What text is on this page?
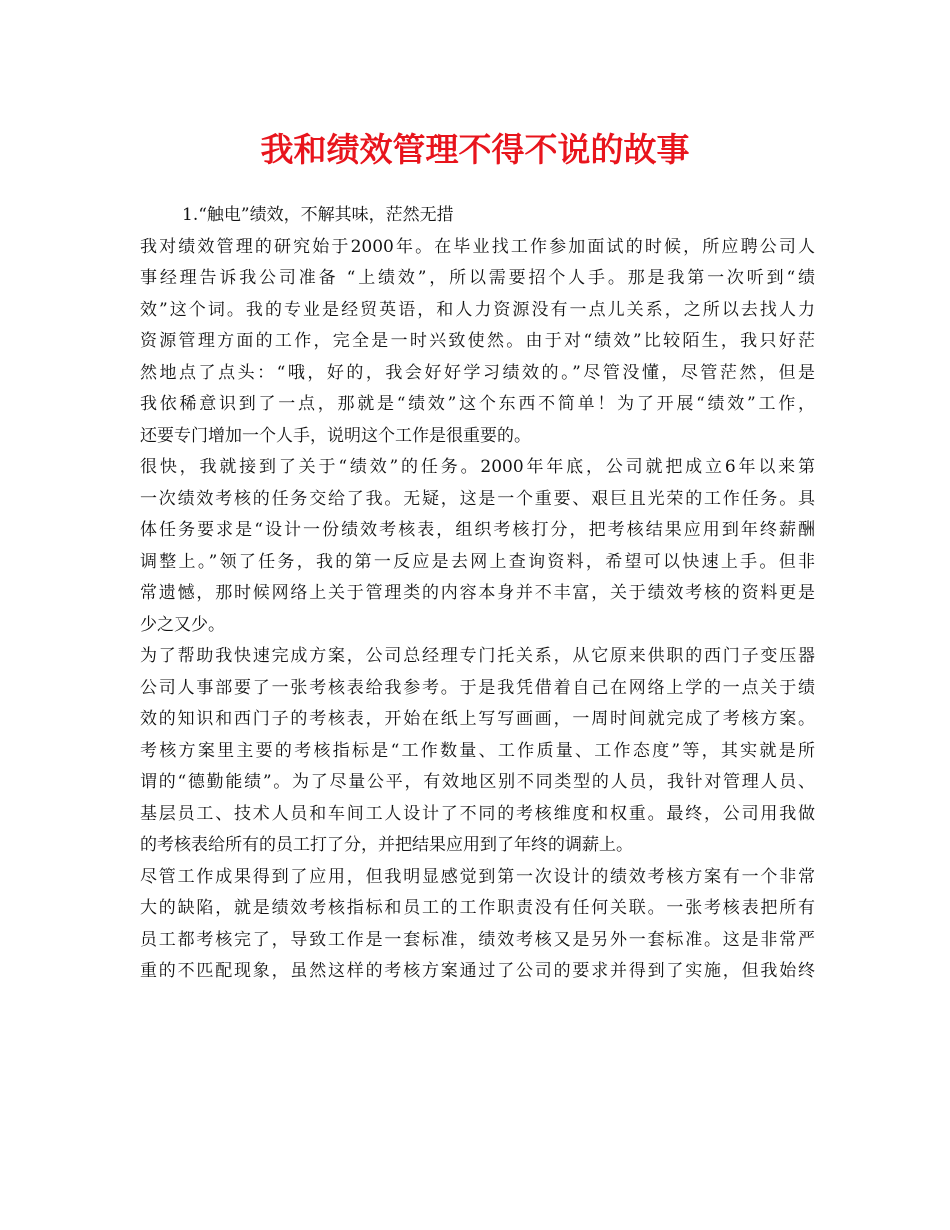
我和绩效管理不得不说的故事
1.“触电”绩效，不解其味，茫然无措
我对绩效管理的研究始于2000年。在毕业找工作参加面试的时候，所应聘公司人
事经理告诉我公司准备 “上绩效”，所以需要招个人手。那是我第一次听到“绩
效”这个词。我的专业是经贸英语，和人力资源没有一点儿关系，之所以去找人力
资源管理方面的工作，完全是一时兴致使然。由于对“绩效”比较陌生，我只好茫
然地点了点头：“哦，好的，我会好好学习绩效的。”尽管没懂，尽管茫然，但是
我依稀意识到了一点，那就是“绩效”这个东西不简单！为了开展“绩效”工作，
还要专门增加一个人手，说明这个工作是很重要的。
很快，我就接到了关于“绩效”的任务。2000年年底，公司就把成立6年以来第
一次绩效考核的任务交给了我。无疑，这是一个重要、艰巨且光荣的工作任务。具
体任务要求是“设计一份绩效考核表，组织考核打分，把考核结果应用到年终薪酬
调整上。”领了任务，我的第一反应是去网上查询资料，希望可以快速上手。但非
常遗憾，那时候网络上关于管理类的内容本身并不丰富，关于绩效考核的资料更是
少之又少。
为了帮助我快速完成方案，公司总经理专门托关系，从它原来供职的西门子变压器
公司人事部要了一张考核表给我参考。于是我凭借着自己在网络上学的一点关于绩
效的知识和西门子的考核表，开始在纸上写写画画，一周时间就完成了考核方案。
考核方案里主要的考核指标是“工作数量、工作质量、工作态度”等，其实就是所
谓的“德勤能绩”。为了尽量公平，有效地区别不同类型的人员，我针对管理人员、
基层员工、技术人员和车间工人设计了不同的考核维度和权重。最终，公司用我做
的考核表给所有的员工打了分，并把结果应用到了年终的调薪上。
尽管工作成果得到了应用，但我明显感觉到第一次设计的绩效考核方案有一个非常
大的缺陷，就是绩效考核指标和员工的工作职责没有任何关联。一张考核表把所有
员工都考核完了，导致工作是一套标准，绩效考核又是另外一套标准。这是非常严
重的不匹配现象，虽然这样的考核方案通过了公司的要求并得到了实施，但我始终
